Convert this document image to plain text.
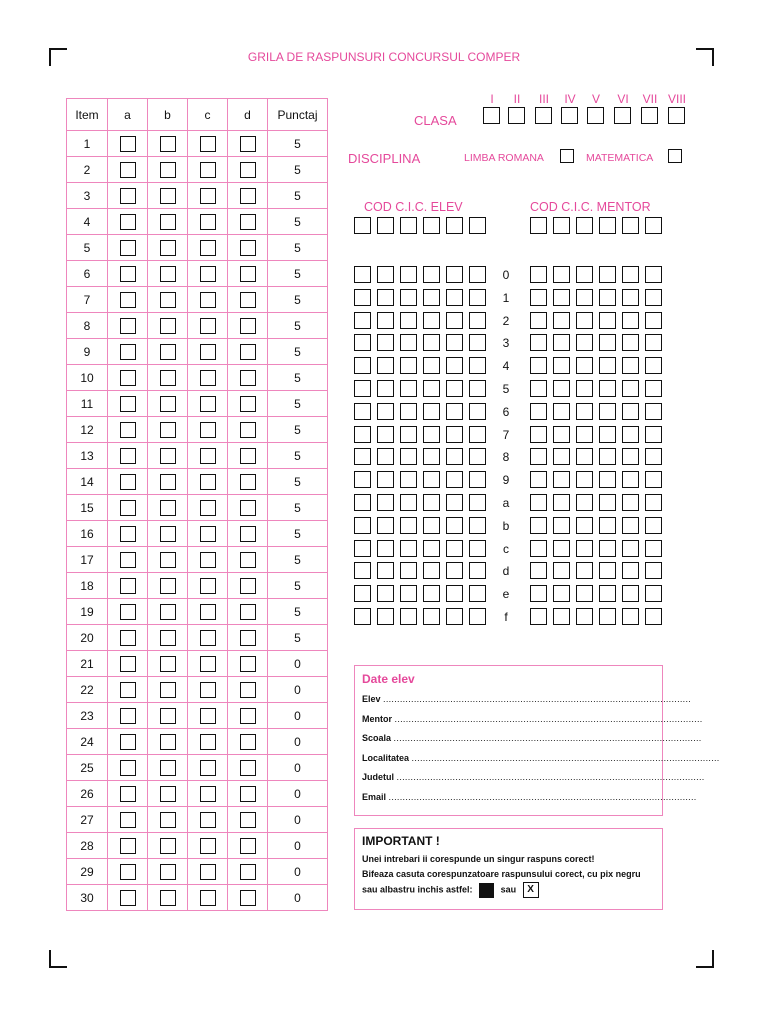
GRILA DE RASPUNSURI CONCURSUL COMPER
Item	a	b	c	d	Punctaj
1					5
2					5
3					5
4					5
5					5
6					5
7					5
8					5
9					5
10					5
11					5
12					5
13					5
14					5
15					5
16					5
17					5
18					5
19					5
20					5
21					0
22					0
23					0
24					0
25					0
26					0
27					0
28					0
29					0
30					0
CLASA
I	II	III	IV	V	VI	VII VIII
DISCIPLINA	LIMBA ROMANA	MATEMATICA
COD C.I.C. ELEV	COD C.I.C. MENTOR
0
1
2
3
4
5
6
7
8
9
a
b
c
d
e
f
Date elev
Elev ..............................................................................................................
Mentor ..............................................................................................................
Scoala ..............................................................................................................
Localitatea ..............................................................................................................
Judetul ..............................................................................................................
Email ..............................................................................................................
IMPORTANT !

Unei intrebari ii corespunde un singur raspuns corect!

Bifeaza casuta corespunzatoare raspunsului corect, cu pix negru sau albastru inchis astfel:	sau X
